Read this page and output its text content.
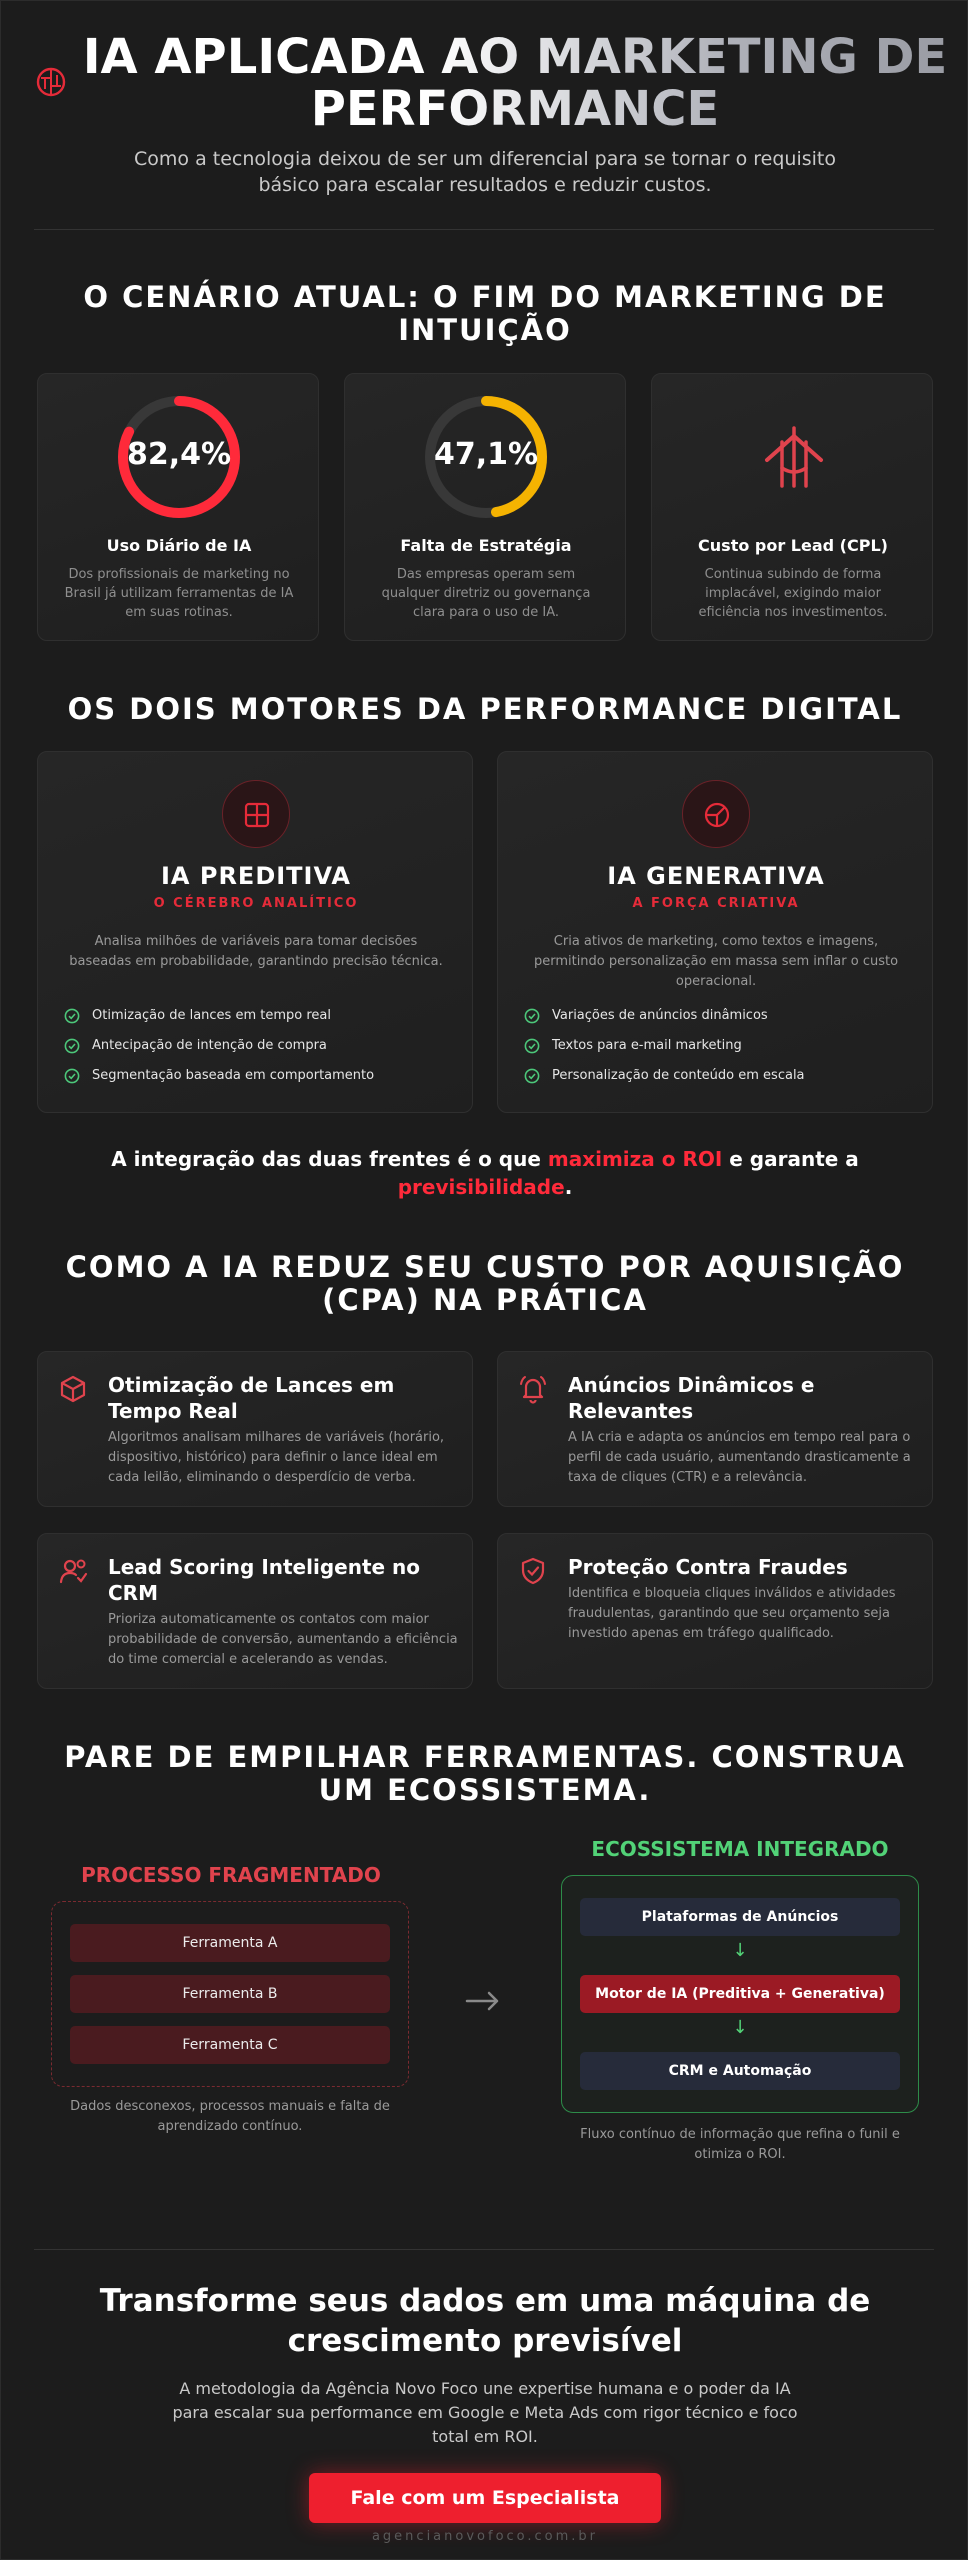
IA APLICADA AO MARKETING DE
PERFORMANCE
Como a tecnologia deixou de ser um diferencial para se tornar o requisito básico para escalar resultados e reduzir custos.
O CENÁRIO ATUAL: O FIM DO MARKETING DE INTUIÇÃO
82,4%
Uso Diário de IA
Dos profissionais de marketing no Brasil já utilizam ferramentas de IA em suas rotinas.
47,1%
Falta de Estratégia
Das empresas operam sem qualquer diretriz ou governança clara para o uso de IA.
Custo por Lead (CPL)
Continua subindo de forma implacável, exigindo maior eficiência nos investimentos.
OS DOIS MOTORES DA PERFORMANCE DIGITAL
IA PREDITIVA
O CÉREBRO ANALÍTICO
Analisa milhões de variáveis para tomar decisões baseadas em probabilidade, garantindo precisão técnica.
Otimização de lances em tempo real
Antecipação de intenção de compra
Segmentação baseada em comportamento
IA GENERATIVA
A FORÇA CRIATIVA
Cria ativos de marketing, como textos e imagens, permitindo personalização em massa sem inflar o custo operacional.
Variações de anúncios dinâmicos
Textos para e-mail marketing
Personalização de conteúdo em escala
A integração das duas frentes é o que maximiza o ROI e garante a previsibilidade.
COMO A IA REDUZ SEU CUSTO POR AQUISIÇÃO (CPA) NA PRÁTICA
Otimização de Lances em Tempo Real
Algoritmos analisam milhares de variáveis (horário, dispositivo, histórico) para definir o lance ideal em cada leilão, eliminando o desperdício de verba.
Anúncios Dinâmicos e Relevantes
A IA cria e adapta os anúncios em tempo real para o perfil de cada usuário, aumentando drasticamente a taxa de cliques (CTR) e a relevância.
Lead Scoring Inteligente no CRM
Prioriza automaticamente os contatos com maior probabilidade de conversão, aumentando a eficiência do time comercial e acelerando as vendas.
Proteção Contra Fraudes
Identifica e bloqueia cliques inválidos e atividades fraudulentas, garantindo que seu orçamento seja investido apenas em tráfego qualificado.
PARE DE EMPILHAR FERRAMENTAS. CONSTRUA UM ECOSSISTEMA.
PROCESSO FRAGMENTADO
Ferramenta A
Ferramenta B
Ferramenta C
Dados desconexos, processos manuais e falta de aprendizado contínuo.
ECOSSISTEMA INTEGRADO
Plataformas de Anúncios
↓
Motor de IA (Preditiva + Generativa)
↓
CRM e Automação
Fluxo contínuo de informação que refina o funil e otimiza o ROI.
Transforme seus dados em uma máquina de crescimento previsível
A metodologia da Agência Novo Foco une expertise humana e o poder da IA para escalar sua performance em Google e Meta Ads com rigor técnico e foco total em ROI.
Fale com um Especialista
agencianovofoco.com.br
